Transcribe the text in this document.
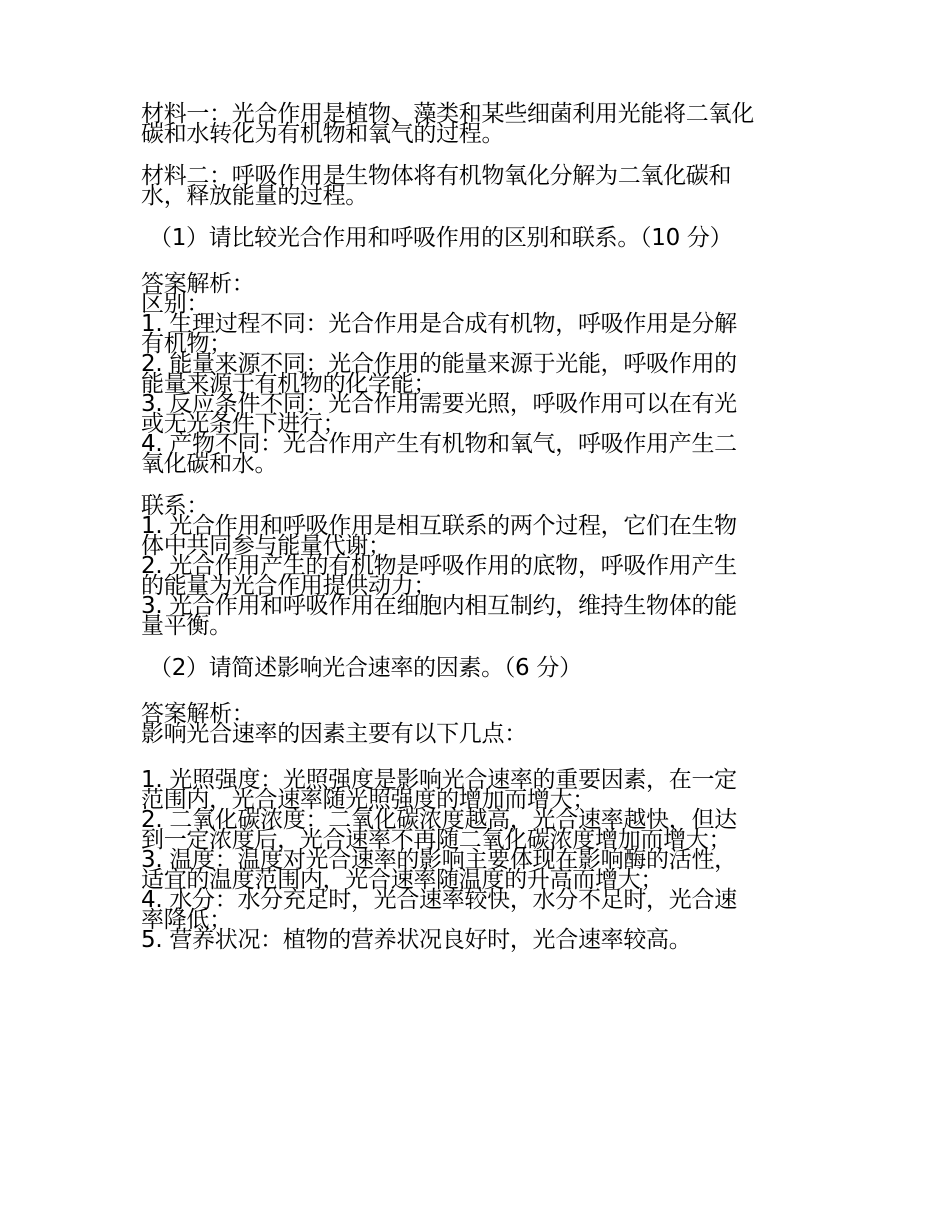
材料一：光合作用是植物、藻类和某些细菌利用光能将二氧化
碳和水转化为有机物和氧气的过程。
材料二：呼吸作用是生物体将有机物氧化分解为二氧化碳和
水，释放能量的过程。
（1）请比较光合作用和呼吸作用的区别和联系。（10 分）
答案解析：
区别：
1. 生理过程不同：光合作用是合成有机物，呼吸作用是分解
有机物；
2. 能量来源不同：光合作用的能量来源于光能，呼吸作用的
能量来源于有机物的化学能；
3. 反应条件不同：光合作用需要光照，呼吸作用可以在有光
或无光条件下进行；
4. 产物不同：光合作用产生有机物和氧气，呼吸作用产生二
氧化碳和水。
联系：
1. 光合作用和呼吸作用是相互联系的两个过程，它们在生物
体中共同参与能量代谢；
2. 光合作用产生的有机物是呼吸作用的底物，呼吸作用产生
的能量为光合作用提供动力；
3. 光合作用和呼吸作用在细胞内相互制约，维持生物体的能
量平衡。
（2）请简述影响光合速率的因素。（6 分）
答案解析：
影响光合速率的因素主要有以下几点：
1. 光照强度：光照强度是影响光合速率的重要因素，在一定
范围内，光合速率随光照强度的增加而增大；
2. 二氧化碳浓度：二氧化碳浓度越高，光合速率越快，但达
到一定浓度后，光合速率不再随二氧化碳浓度增加而增大；
3. 温度：温度对光合速率的影响主要体现在影响酶的活性，
适宜的温度范围内，光合速率随温度的升高而增大；
4. 水分：水分充足时，光合速率较快，水分不足时，光合速
率降低；
5. 营养状况：植物的营养状况良好时，光合速率较高。
